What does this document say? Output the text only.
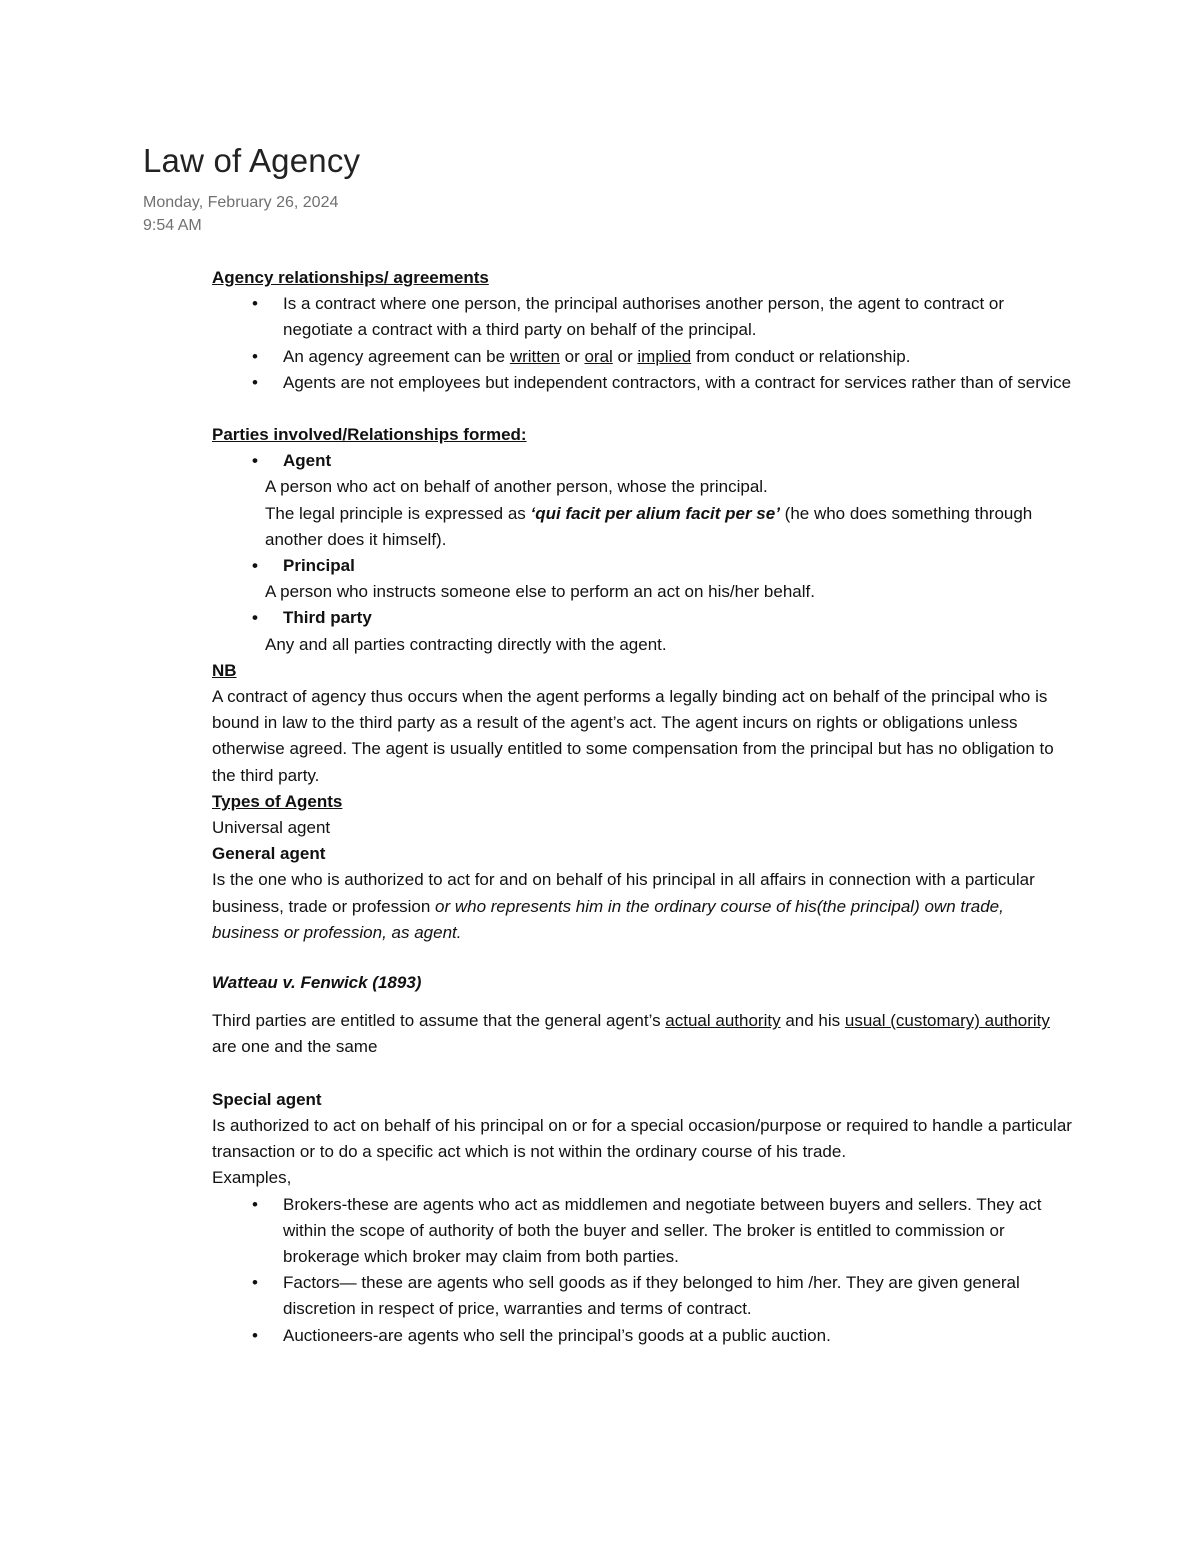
Law of Agency
Monday, February 26, 2024
9:54 AM

Agency relationships/ agreements

• Is a contract where one person, the principal authorises another person, the agent to contract or negotiate a contract with a third party on behalf of the principal.
• An agency agreement can be written or oral or implied from conduct or relationship.
• Agents are not employees but independent contractors, with a contract for services rather than of service

Parties involved/Relationships formed:

• Agent

A person who act on behalf of another person, whose the principal.

The legal principle is expressed as ‘qui facit per alium facit per se’ (he who does something through another does it himself).

• Principal

A person who instructs someone else to perform an act on his/her behalf.

• Third party

Any and all parties contracting directly with the agent.

NB

A contract of agency thus occurs when the agent performs a legally binding act on behalf of the principal who is bound in law to the third party as a result of the agent’s act. The agent incurs on rights or obligations unless otherwise agreed. The agent is usually entitled to some compensation from the principal but has no obligation to the third party.

Types of Agents

Universal agent

General agent

Is the one who is authorized to act for and on behalf of his principal in all affairs in connection with a particular business, trade or profession or who represents him in the ordinary course of his(the principal) own trade, business or profession, as agent.

Watteau v. Fenwick (1893)

Third parties are entitled to assume that the general agent’s actual authority and his usual (customary) authority are one and the same

Special agent

Is authorized to act on behalf of his principal on or for a special occasion/purpose or required to handle a particular transaction or to do a specific act which is not within the ordinary course of his trade.

Examples,

• Brokers-these are agents who act as middlemen and negotiate between buyers and sellers. They act within the scope of authority of both the buyer and seller. The broker is entitled to commission or brokerage which broker may claim from both parties.
• Factors— these are agents who sell goods as if they belonged to him /her. They are given general discretion in respect of price, warranties and terms of contract.
• Auctioneers-are agents who sell the principal’s goods at a public auction.
